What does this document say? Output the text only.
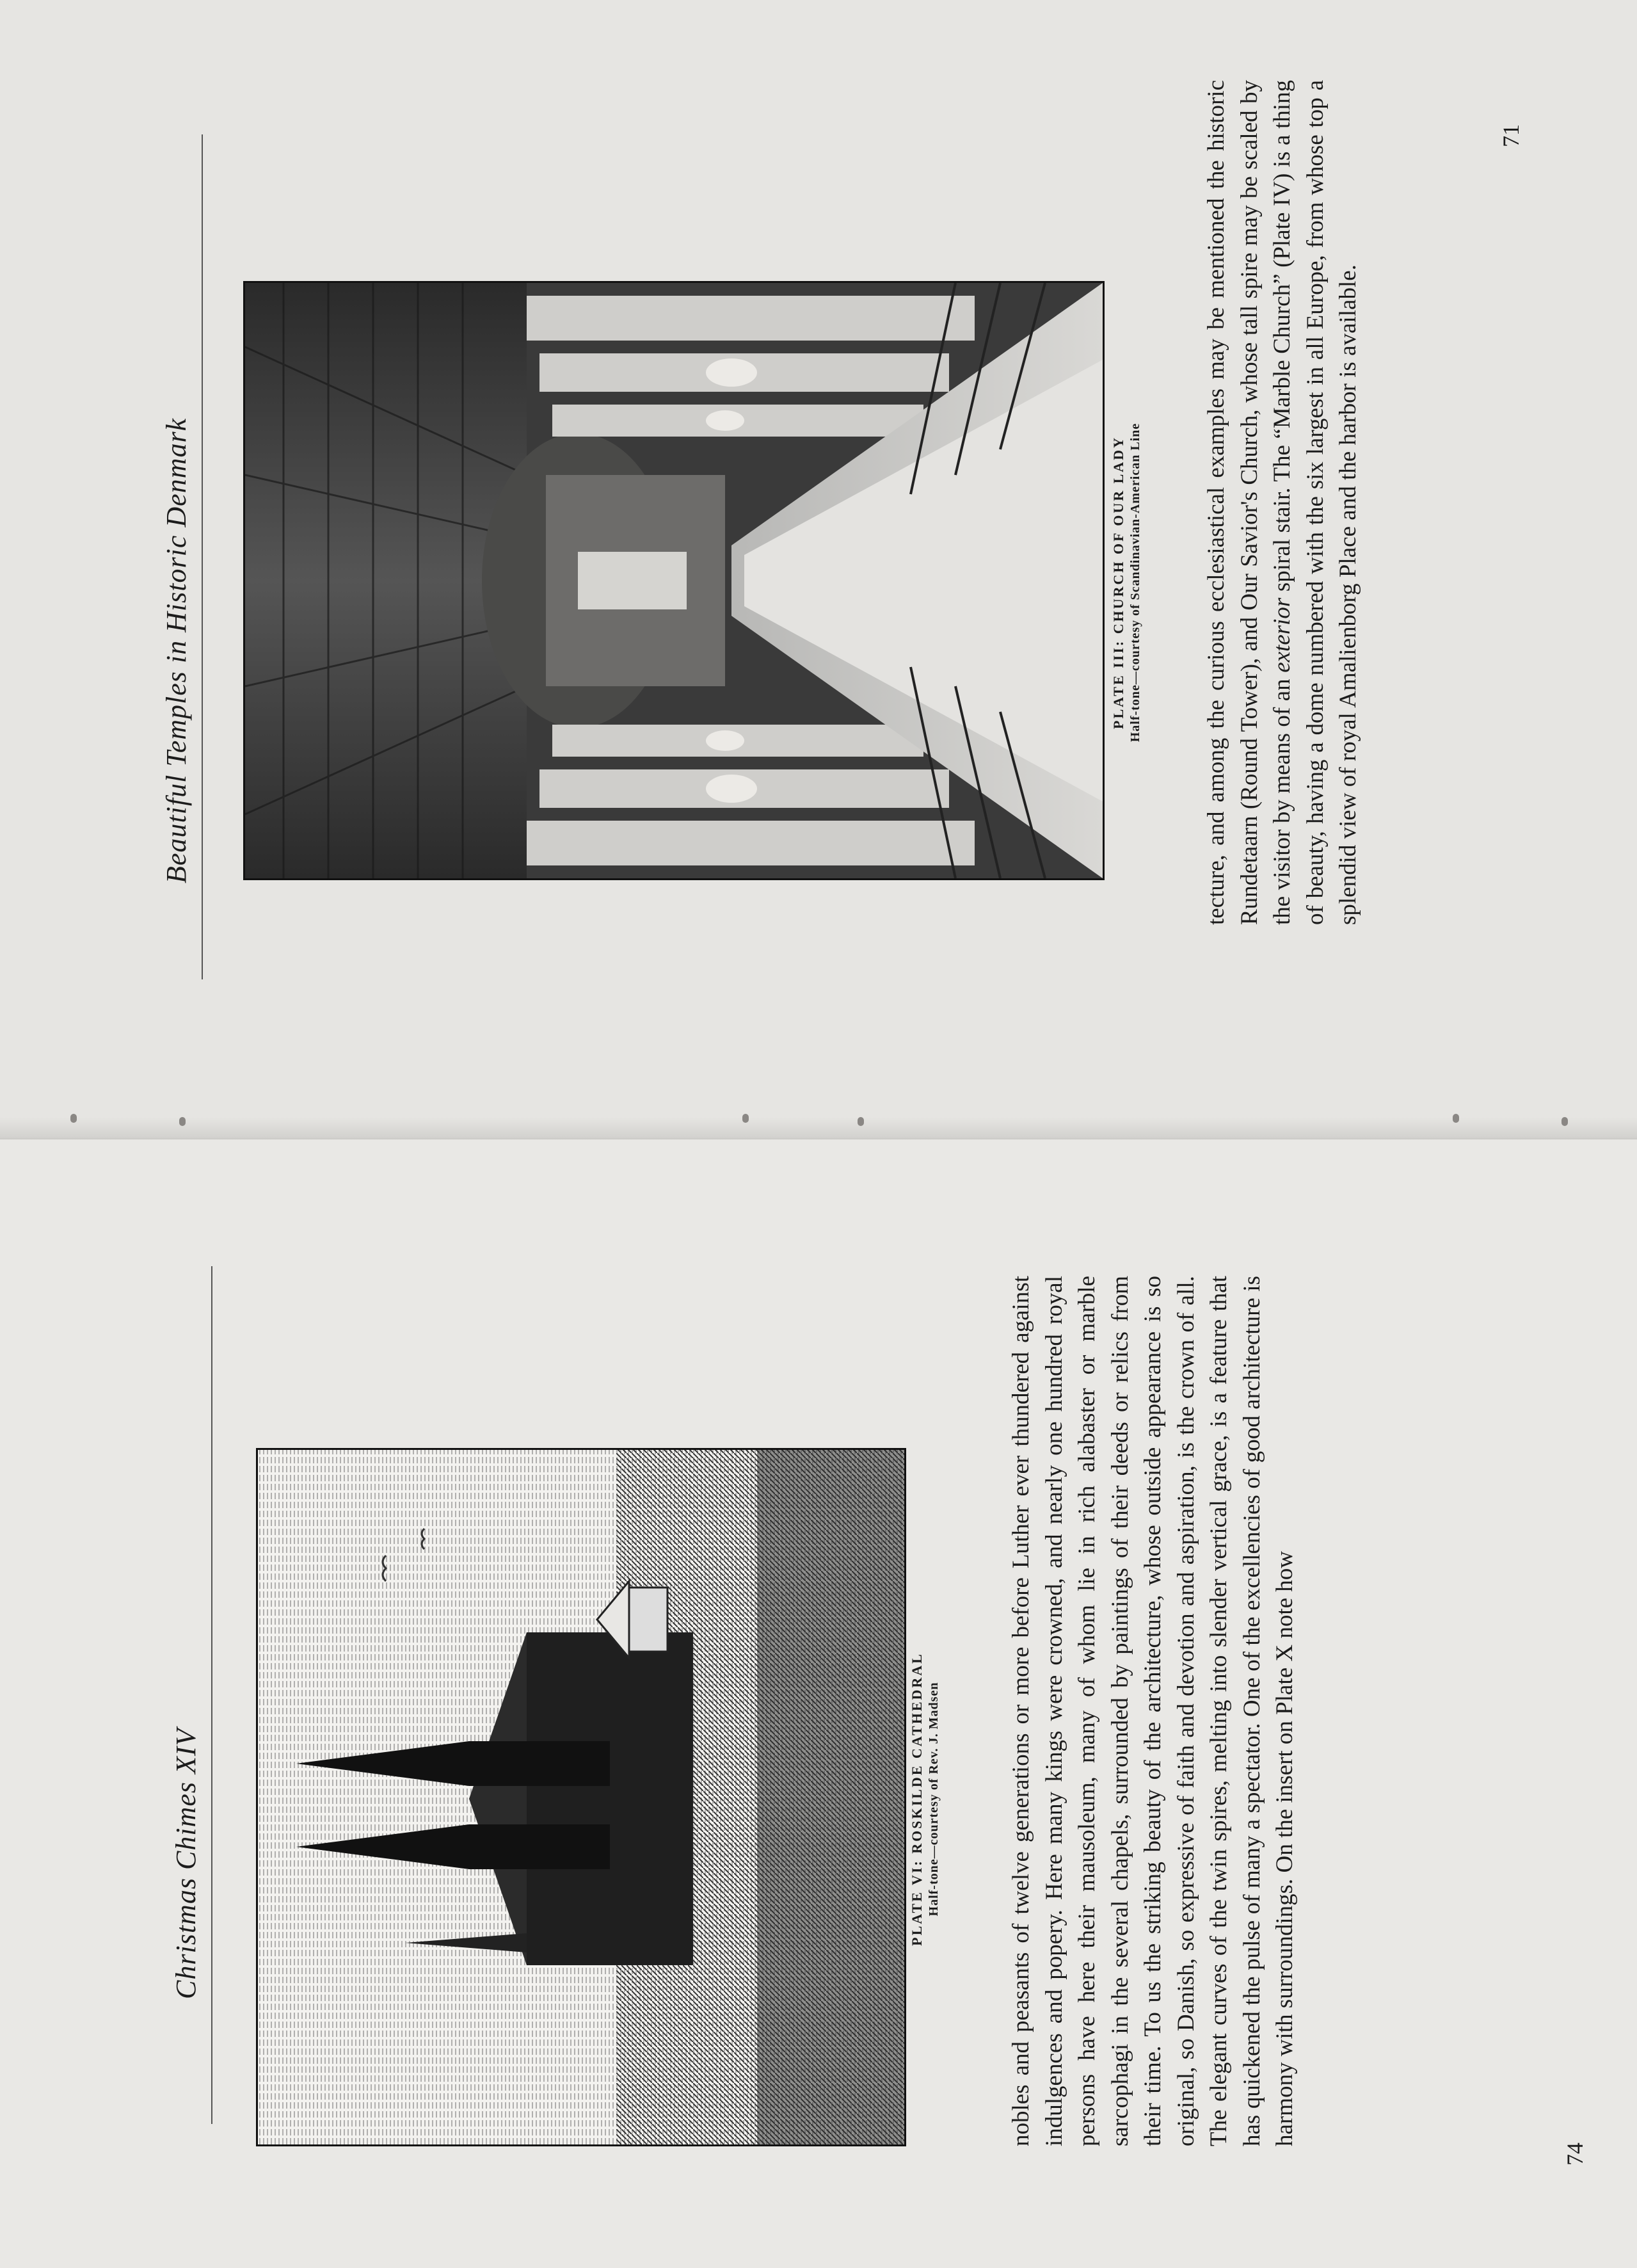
Beautiful Temples in Historic Denmark	PLATE III: CHURCH OF OUR LADY Half-tone—courtesy of Scandinavian-American Line	tecture, and among the curious ecclesiastical examples may be mentioned the historic Rundetaarn (Round Tower), and Our Savior's Church, whose tall spire may be scaled by the visitor by means of an exterior spiral stair. The “Marble Church” (Plate IV) is a thing of beauty, having a dome numbered with the six largest in all Europe, from whose top a splendid view of royal Amalienborg Place and the harbor is available.

71
Christmas Chimes XIV	PLATE VI: ROSKILDE CATHEDRAL Half-tone—courtesy of Rev. J. Madsen	nobles and peasants of twelve generations or more before Luther ever thundered against indulgences and popery. Here many kings were crowned, and nearly one hundred royal persons have here their mausoleum, many of whom lie in rich alabaster or marble sarcophagi in the several chapels, surrounded by paintings of their deeds or relics from their time. To us the striking beauty of the architecture, whose outside appearance is so original, so Danish, so expressive of faith and devotion and aspiration, is the crown of all. The elegant curves of the twin spires, melting into slender vertical grace, is a feature that has quickened the pulse of many a spectator. One of the excellencies of good architecture is harmony with surroundings. On the insert on Plate X note how

74
